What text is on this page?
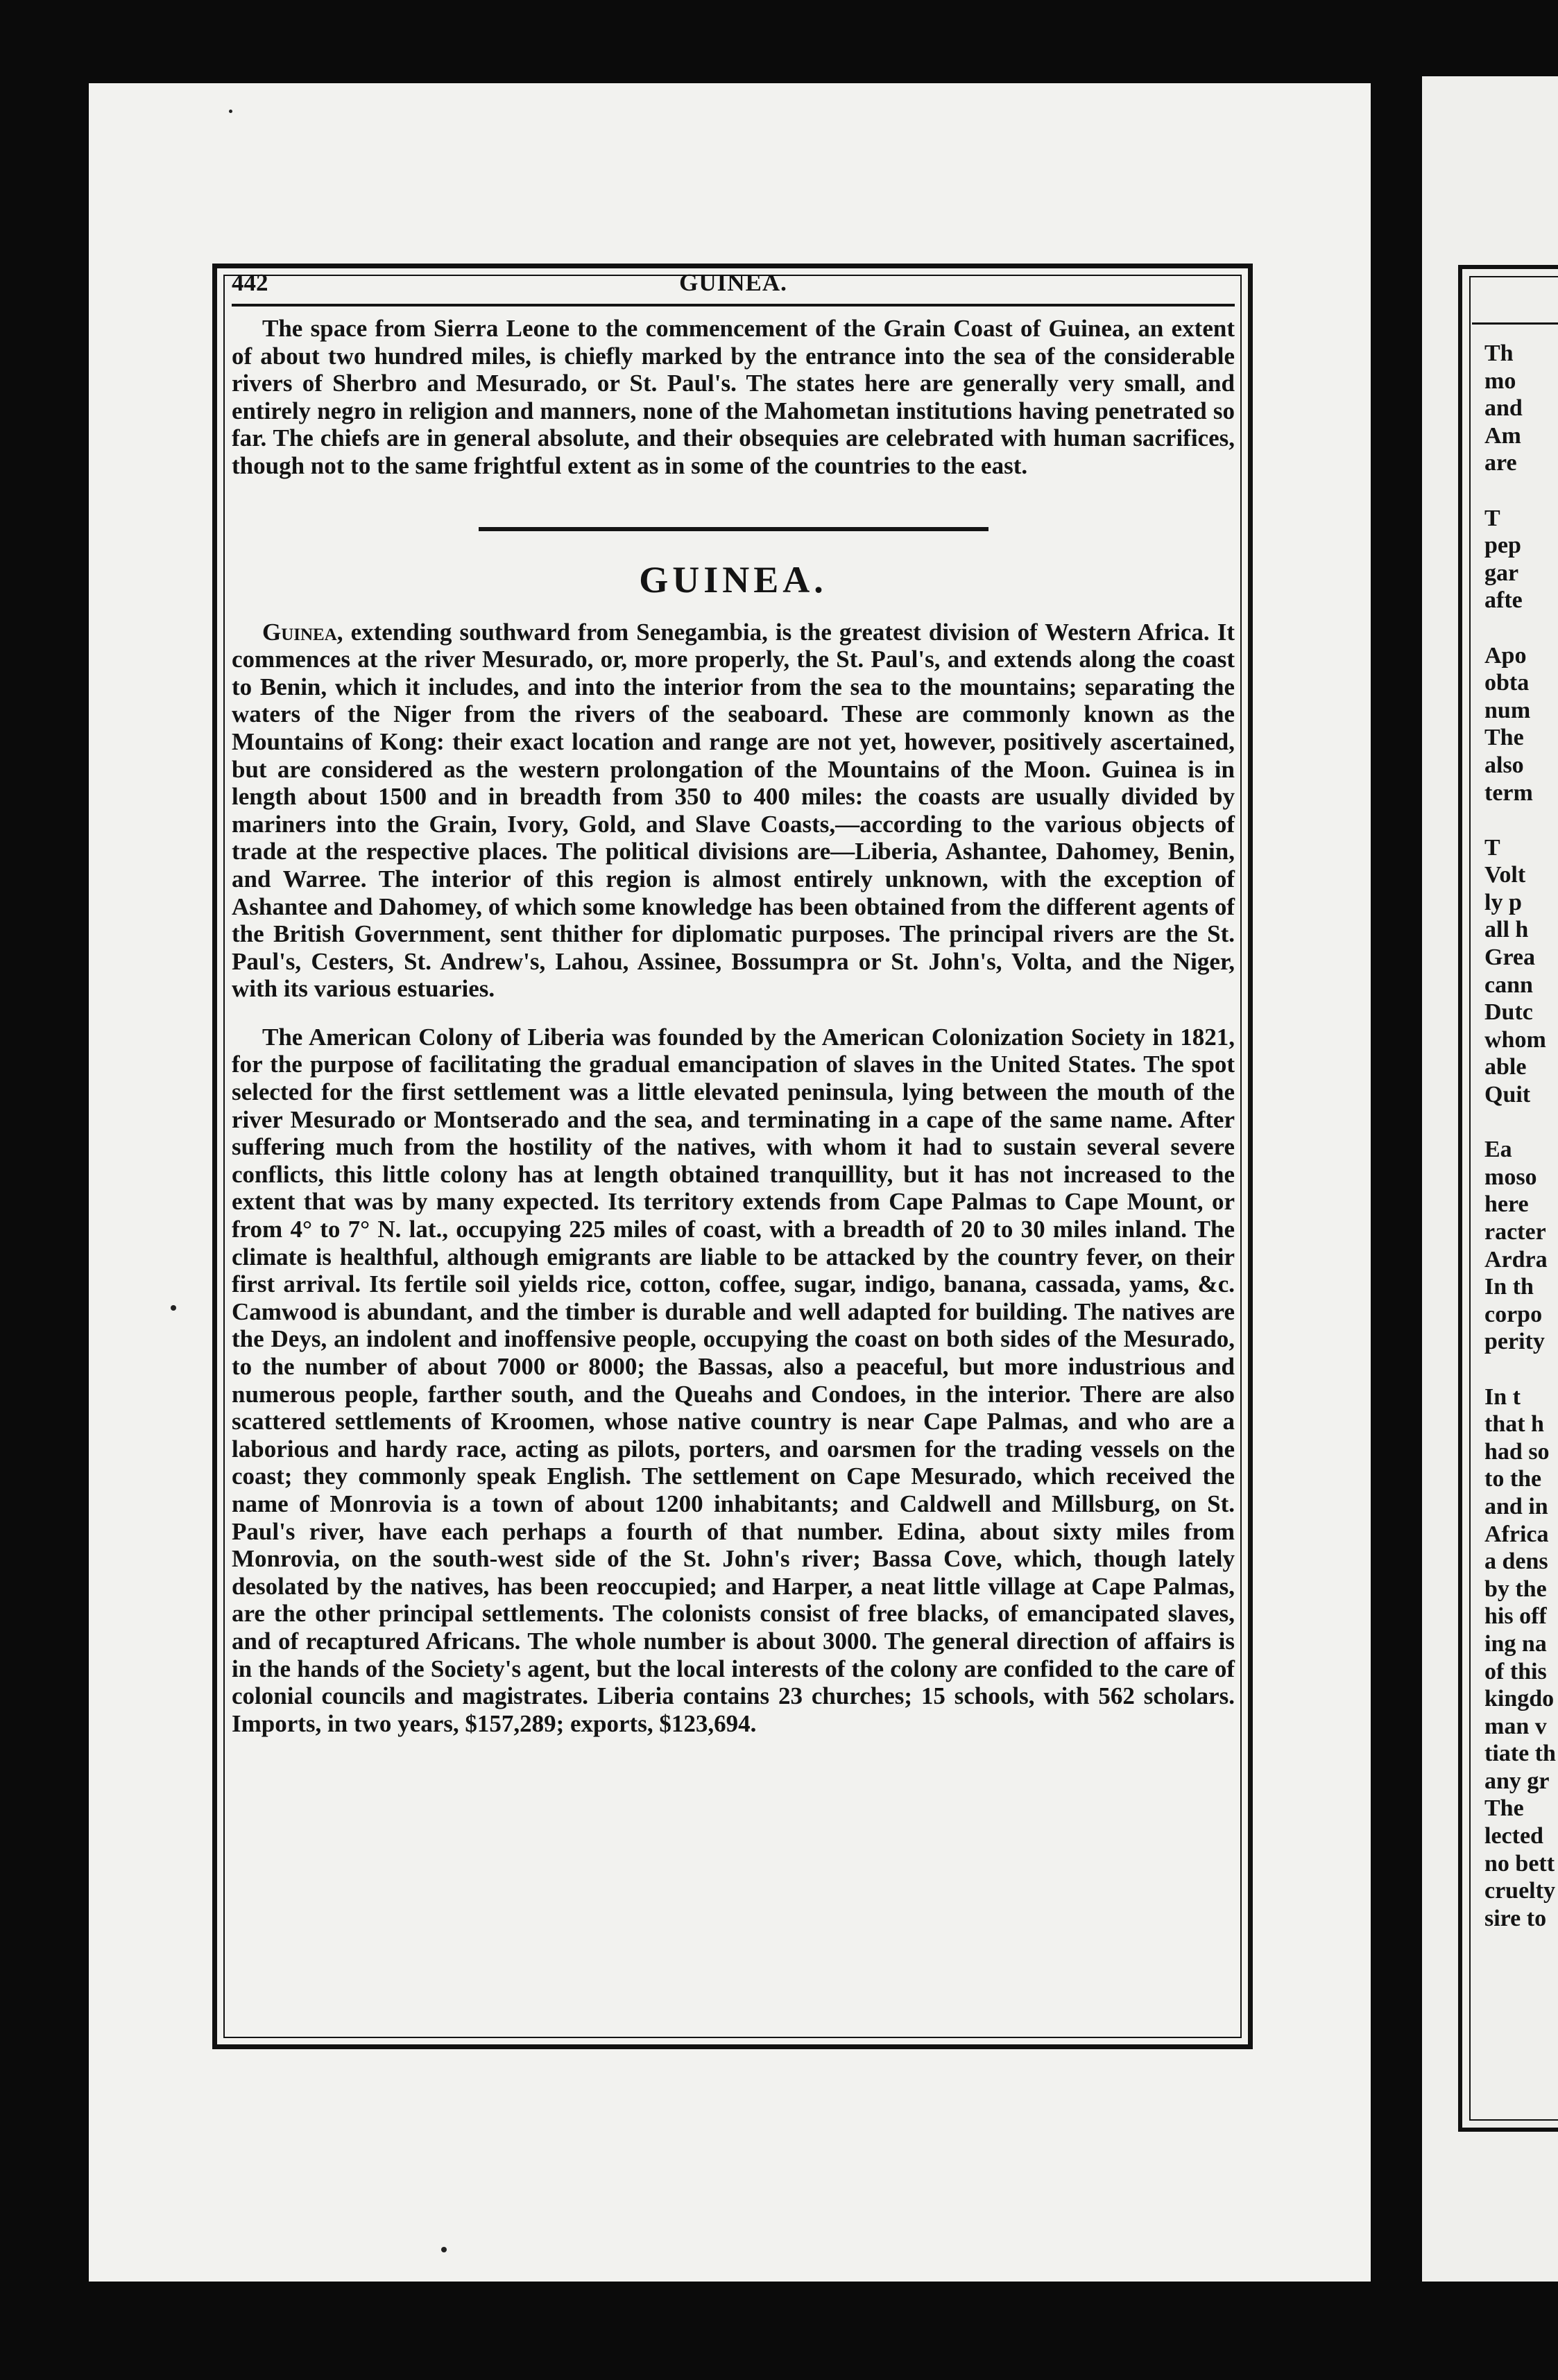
Th
mo
and
Am
are

T
pep
gar
afte

Apo
obta
num
The
also
term

T
Volt
ly p
all h
Grea
cann
Dutc
whom
able
Quit

Ea
moso
here
racter
Ardra
In th
corpo
perity

In t
that h
had so
to the
and in
Africa
a dens
by the
his off
ing na
of this
kingdo
man v
tiate th
any gr
The
lected
no bett
cruelty
sire to
442	GUINEA.

The space from Sierra Leone to the commencement of the Grain Coast of Guinea, an extent of about two hundred miles, is chiefly marked by the entrance into the sea of the considerable rivers of Sherbro and Mesurado, or St. Paul's. The states here are generally very small, and entirely negro in religion and manners, none of the Mahometan institutions having penetrated so far. The chiefs are in general absolute, and their obsequies are celebrated with human sacrifices, though not to the same frightful extent as in some of the countries to the east.

GUINEA.

Guinea, extending southward from Senegambia, is the greatest division of Western Africa. It commences at the river Mesurado, or, more properly, the St. Paul's, and extends along the coast to Benin, which it includes, and into the interior from the sea to the mountains; separating the waters of the Niger from the rivers of the seaboard. These are commonly known as the Mountains of Kong: their exact location and range are not yet, however, positively ascertained, but are considered as the western prolongation of the Mountains of the Moon. Guinea is in length about 1500 and in breadth from 350 to 400 miles: the coasts are usually divided by mariners into the Grain, Ivory, Gold, and Slave Coasts,—according to the various objects of trade at the respective places. The political divisions are—Liberia, Ashantee, Dahomey, Benin, and Warree. The interior of this region is almost entirely unknown, with the exception of Ashantee and Dahomey, of which some knowledge has been obtained from the different agents of the British Government, sent thither for diplomatic purposes. The principal rivers are the St. Paul's, Cesters, St. Andrew's, Lahou, Assinee, Bossumpra or St. John's, Volta, and the Niger, with its various estuaries.

The American Colony of Liberia was founded by the American Colonization Society in 1821, for the purpose of facilitating the gradual emancipation of slaves in the United States. The spot selected for the first settlement was a little elevated peninsula, lying between the mouth of the river Mesurado or Montserado and the sea, and terminating in a cape of the same name. After suffering much from the hostility of the natives, with whom it had to sustain several severe conflicts, this little colony has at length obtained tranquillity, but it has not increased to the extent that was by many expected. Its territory extends from Cape Palmas to Cape Mount, or from 4° to 7° N. lat., occupying 225 miles of coast, with a breadth of 20 to 30 miles inland. The climate is healthful, although emigrants are liable to be attacked by the country fever, on their first arrival. Its fertile soil yields rice, cotton, coffee, sugar, indigo, banana, cassada, yams, &c. Camwood is abundant, and the timber is durable and well adapted for building. The natives are the Deys, an indolent and inoffensive people, occupying the coast on both sides of the Mesurado, to the number of about 7000 or 8000; the Bassas, also a peaceful, but more industrious and numerous people, farther south, and the Queahs and Condoes, in the interior. There are also scattered settlements of Kroomen, whose native country is near Cape Palmas, and who are a laborious and hardy race, acting as pilots, porters, and oarsmen for the trading vessels on the coast; they commonly speak English. The settlement on Cape Mesurado, which received the name of Monrovia is a town of about 1200 inhabitants; and Caldwell and Millsburg, on St. Paul's river, have each perhaps a fourth of that number. Edina, about sixty miles from Monrovia, on the south-west side of the St. John's river; Bassa Cove, which, though lately desolated by the natives, has been reoccupied; and Harper, a neat little village at Cape Palmas, are the other principal settlements. The colonists consist of free blacks, of emancipated slaves, and of recaptured Africans. The whole number is about 3000. The general direction of affairs is in the hands of the Society's agent, but the local interests of the colony are confided to the care of colonial councils and magistrates. Liberia contains 23 churches; 15 schools, with 562 scholars. Imports, in two years, $157,289; exports, $123,694.
